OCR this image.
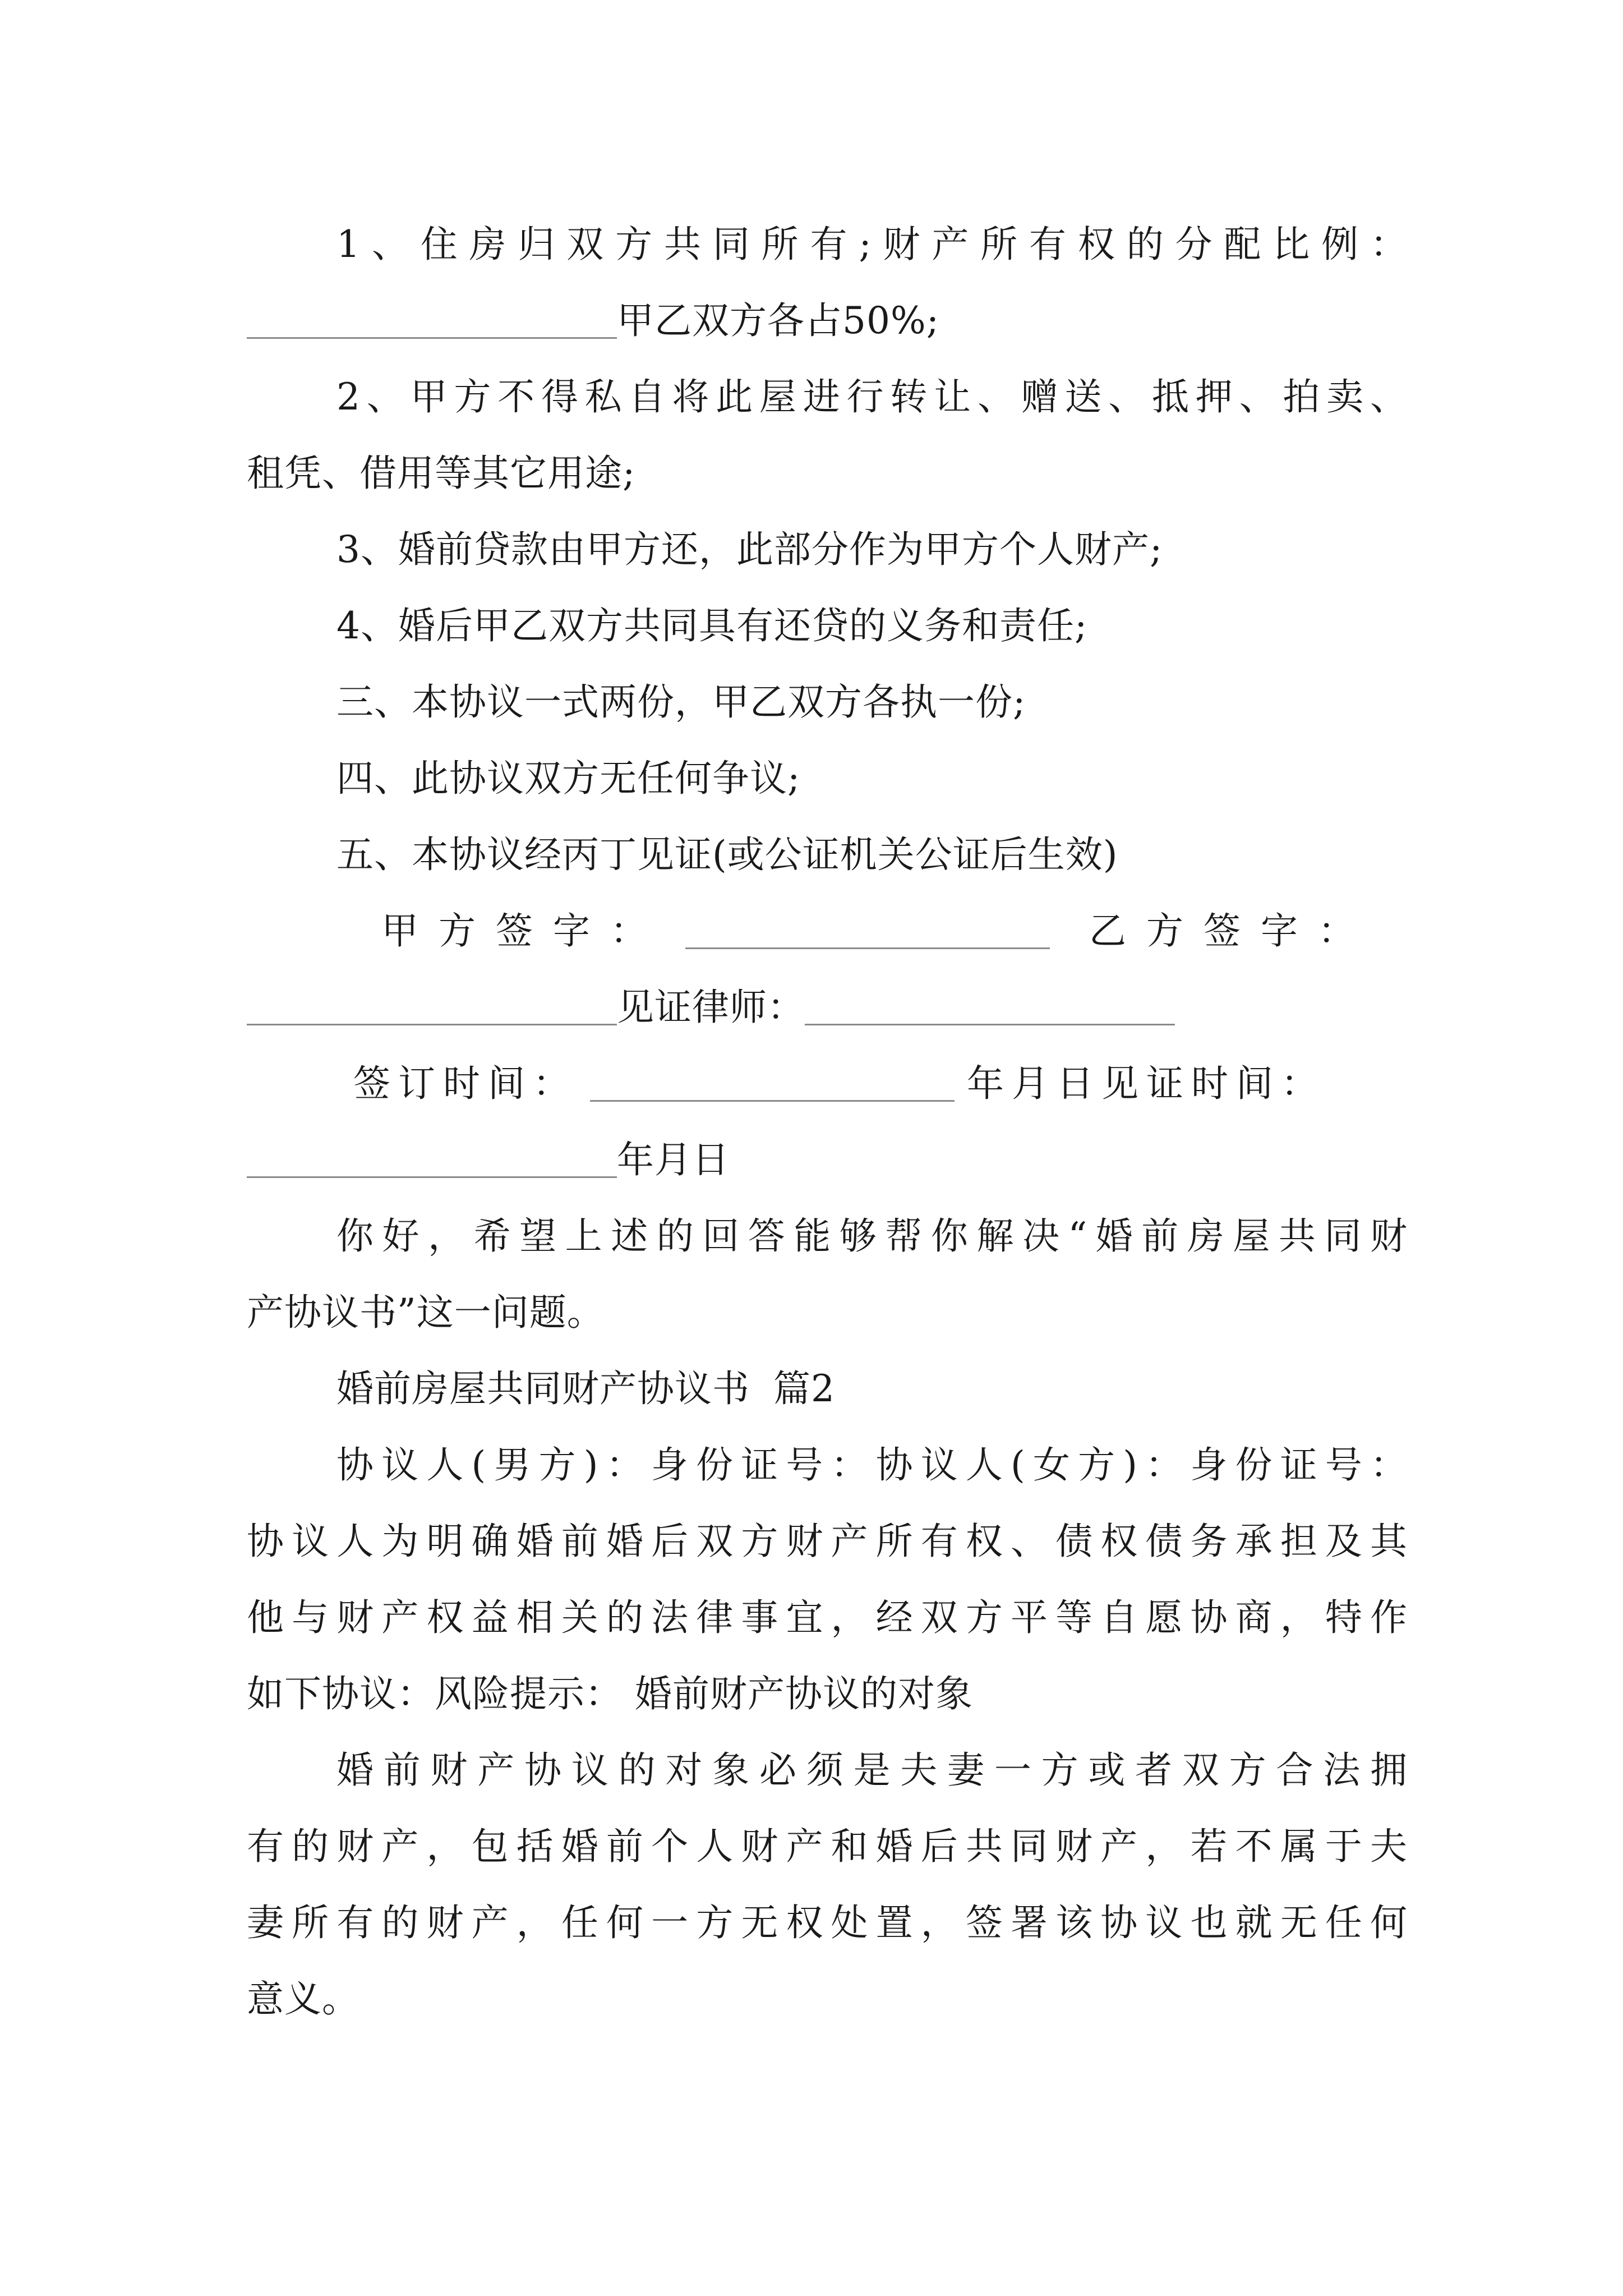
1、住房归双方共同所有;财产所有权的分配比例：
甲乙双方各占50%;
2、甲方不得私自将此屋进行转让、赠送、抵押、拍卖、
租凭、借用等其它用途;
3、婚前贷款由甲方还，此部分作为甲方个人财产;
4、婚后甲乙双方共同具有还贷的义务和责任;
三、本协议一式两份，甲乙双方各执一份;
四、此协议双方无任何争议;
五、本协议经丙丁见证(或公证机关公证后生效)
甲方签字：	乙方签字：
见证律师：
签订时间：	年月日见证时间：
年月日
你好，希望上述的回答能够帮你解决“婚前房屋共同财
产协议书”这一问题。
婚前房屋共同财产协议书 篇2
协议人(男方)：身份证号：协议人(女方)：身份证号：
协议人为明确婚前婚后双方财产所有权、债权债务承担及其
他与财产权益相关的法律事宜，经双方平等自愿协商，特作
如下协议：风险提示： 婚前财产协议的对象
婚前财产协议的对象必须是夫妻一方或者双方合法拥
有的财产，包括婚前个人财产和婚后共同财产，若不属于夫
妻所有的财产，任何一方无权处置，签署该协议也就无任何
意义。
